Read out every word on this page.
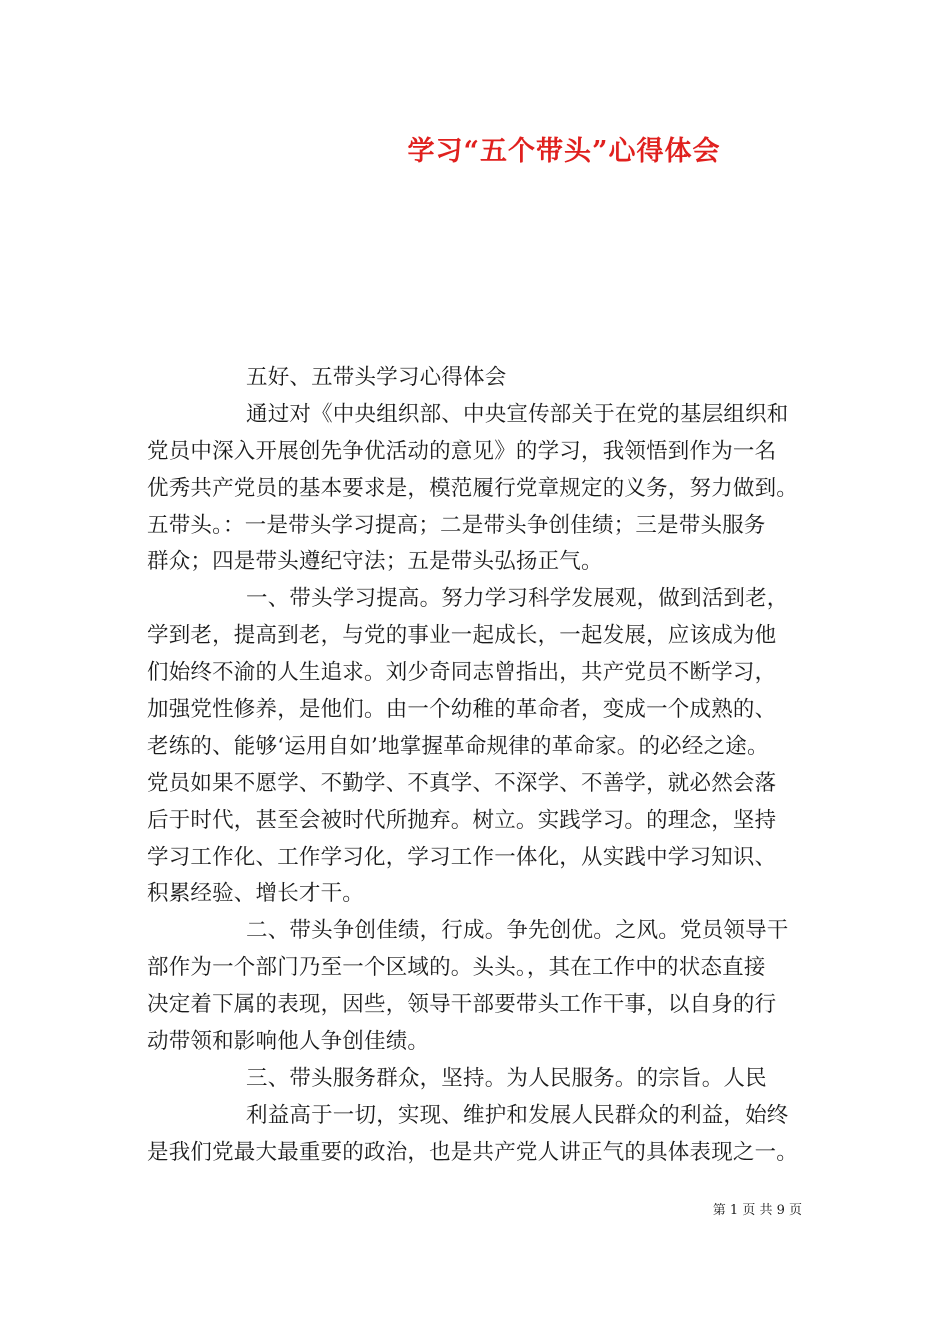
学习“五个带头”心得体会
五好、五带头学习心得体会
通过对《中央组织部、中央宣传部关于在党的基层组织和
党员中深入开展创先争优活动的意见》的学习，我领悟到作为一名
优秀共产党员的基本要求是，模范履行党章规定的义务，努力做到。
五带头。：一是带头学习提高；二是带头争创佳绩；三是带头服务
群众；四是带头遵纪守法；五是带头弘扬正气。
一、带头学习提高。努力学习科学发展观，做到活到老，
学到老，提高到老，与党的事业一起成长，一起发展，应该成为他
们始终不渝的人生追求。刘少奇同志曾指出，共产党员不断学习，
加强党性修养，是他们。由一个幼稚的革命者，变成一个成熟的、
老练的、能够‘运用自如’地掌握革命规律的革命家。的必经之途。
党员如果不愿学、不勤学、不真学、不深学、不善学，就必然会落
后于时代，甚至会被时代所抛弃。树立。实践学习。的理念，坚持
学习工作化、工作学习化，学习工作一体化，从实践中学习知识、
积累经验、增长才干。
二、带头争创佳绩，行成。争先创优。之风。党员领导干
部作为一个部门乃至一个区域的。头头。，其在工作中的状态直接
决定着下属的表现，因些，领导干部要带头工作干事，以自身的行
动带领和影响他人争创佳绩。
三、带头服务群众，坚持。为人民服务。的宗旨。人民
利益高于一切，实现、维护和发展人民群众的利益，始终
是我们党最大最重要的政治，也是共产党人讲正气的具体表现之一。
第 1 页 共 9 页
